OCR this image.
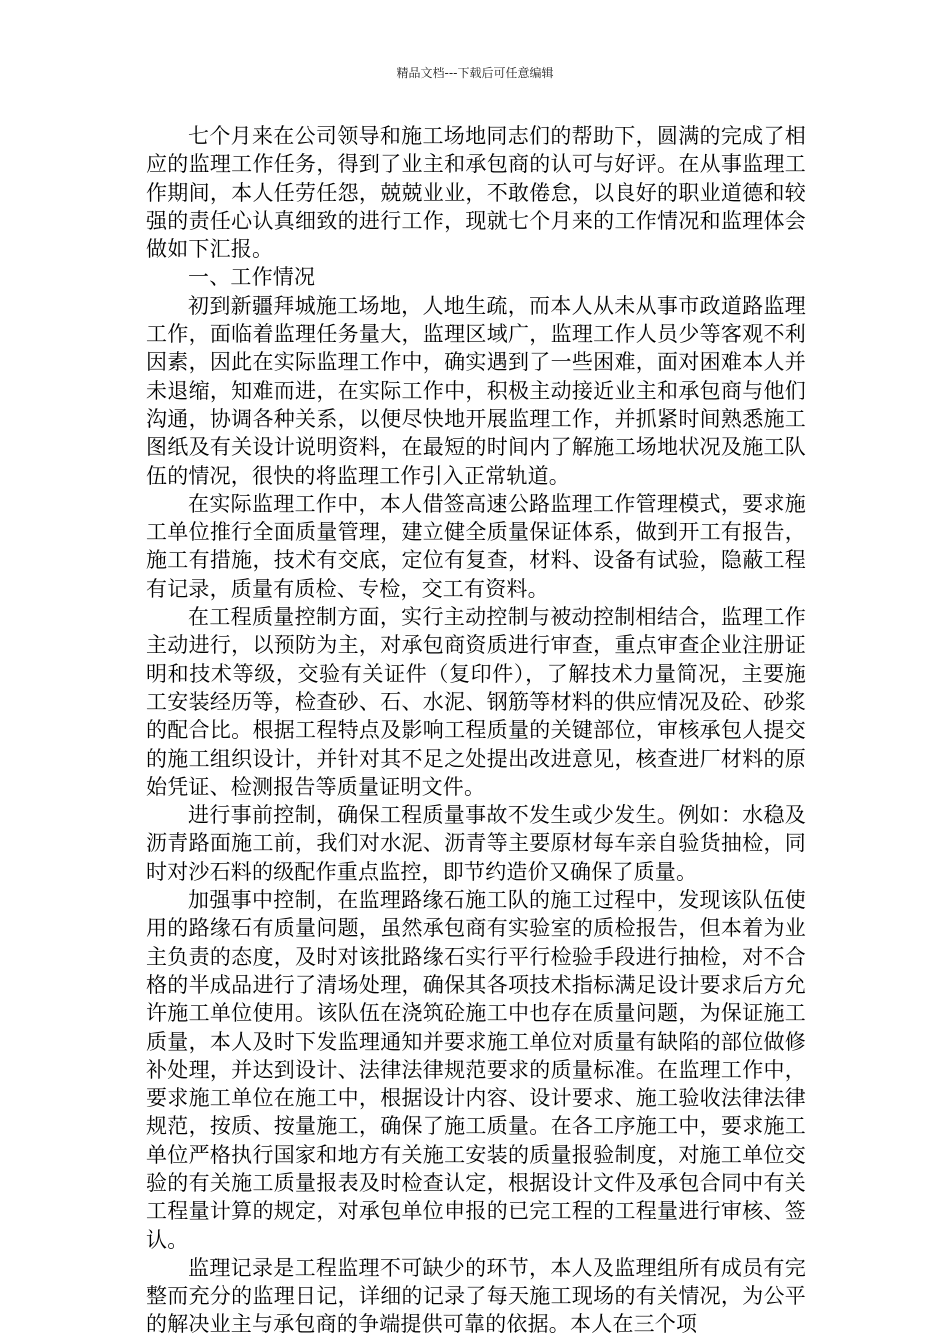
精品文档---下载后可任意编辑

七个月来在公司领导和施工场地同志们的帮助下，圆满的完成了相应的监理工作任务，得到了业主和承包商的认可与好评。在从事监理工作期间，本人任劳任怨，兢兢业业，不敢倦怠，以良好的职业道德和较强的责任心认真细致的进行工作，现就七个月来的工作情况和监理体会做如下汇报。

一、工作情况

初到新疆拜城施工场地，人地生疏，而本人从未从事市政道路监理工作，面临着监理任务量大，监理区域广，监理工作人员少等客观不利因素，因此在实际监理工作中，确实遇到了一些困难，面对困难本人并未退缩，知难而进，在实际工作中，积极主动接近业主和承包商与他们沟通，协调各种关系，以便尽快地开展监理工作，并抓紧时间熟悉施工图纸及有关设计说明资料，在最短的时间内了解施工场地状况及施工队伍的情况，很快的将监理工作引入正常轨道。

在实际监理工作中，本人借签高速公路监理工作管理模式，要求施工单位推行全面质量管理，建立健全质量保证体系，做到开工有报告，施工有措施，技术有交底，定位有复查，材料、设备有试验，隐蔽工程有记录，质量有质检、专检，交工有资料。

在工程质量控制方面，实行主动控制与被动控制相结合，监理工作主动进行，以预防为主，对承包商资质进行审查，重点审查企业注册证明和技术等级，交验有关证件（复印件），了解技术力量简况，主要施工安装经历等，检查砂、石、水泥、钢筋等材料的供应情况及砼、砂浆的配合比。根据工程特点及影响工程质量的关键部位，审核承包人提交的施工组织设计，并针对其不足之处提出改进意见，核查进厂材料的原始凭证、检测报告等质量证明文件。

进行事前控制，确保工程质量事故不发生或少发生。例如：水稳及沥青路面施工前，我们对水泥、沥青等主要原材每车亲自验货抽检，同时对沙石料的级配作重点监控，即节约造价又确保了质量。

加强事中控制，在监理路缘石施工队的施工过程中，发现该队伍使用的路缘石有质量问题，虽然承包商有实验室的质检报告，但本着为业主负责的态度，及时对该批路缘石实行平行检验手段进行抽检，对不合格的半成品进行了清场处理，确保其各项技术指标满足设计要求后方允许施工单位使用。该队伍在浇筑砼施工中也存在质量问题，为保证施工质量，本人及时下发监理通知并要求施工单位对质量有缺陷的部位做修补处理，并达到设计、法律法律规范要求的质量标准。在监理工作中，要求施工单位在施工中，根据设计内容、设计要求、施工验收法律法律规范，按质、按量施工，确保了施工质量。在各工序施工中，要求施工单位严格执行国家和地方有关施工安装的质量报验制度，对施工单位交验的有关施工质量报表及时检查认定，根据设计文件及承包合同中有关工程量计算的规定，对承包单位申报的已完工程的工程量进行审核、签认。

监理记录是工程监理不可缺少的环节，本人及监理组所有成员有完整而充分的监理日记，详细的记录了每天施工现场的有关情况，为公平的解决业主与承包商的争端提供可靠的依据。本人在三个项
